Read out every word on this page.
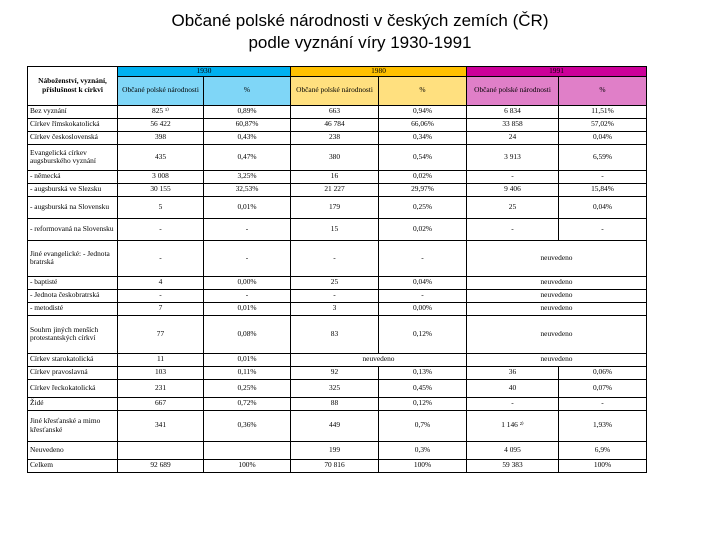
Občané polské národnosti v českých zemích (ČR)
podle vyznání víry 1930-1991
Náboženství, vyznání, příslušnost k církvi	1930		1980		1991	
	Občané polské národnosti	%	Občané polské národnosti	%	Občané polské národnosti	%
Bez vyznání	825 ¹⁾	0,89%	663	0,94%	6 834	11,51%
Církev římskokatolická	56 422	60,87%	46 784	66,06%	33 858	57,02%
Církev československá	398	0,43%	238	0,34%	24	0,04%
Evangelická církev augsburského vyznání	435	0,47%	380	0,54%	3 913	6,59%
- německá	3 008	3,25%	16	0,02%	-	-
- augsburská ve Slezsku	30 155	32,53%	21 227	29,97%	9 406	15,84%
- augsburská na Slovensku	5	0,01%	179	0,25%	25	0,04%
- reformovaná na Slovensku	-	-	15	0,02%	-	-
Jiné evangelické: - Jednota bratrská	-	-	-	-	neuvedeno	
- baptisté	4	0,00%	25	0,04%	neuvedeno	
- Jednota českobratrská	-	-	-	-	neuvedeno	
- metodisté	7	0,01%	3	0,00%	neuvedeno	
Souhrn jiných menších protestantských církví	77	0,08%	83	0,12%	neuvedeno	
Církev starokatolická	11	0,01%	neuvedeno		neuvedeno	
Církev pravoslavná	103	0,11%	92	0,13%	36	0,06%
Církev řeckokatolická	231	0,25%	325	0,45%	40	0,07%
Židé	667	0,72%	88	0,12%	-	-
Jiné křesťanské a mimo křesťanské	341	0,36%	449	0,7%	1 146 ²⁾	1,93%
Neuvedeno			199	0,3%	4 095	6,9%
Celkem	92 689	100%	70 816	100%	59 383	100%
